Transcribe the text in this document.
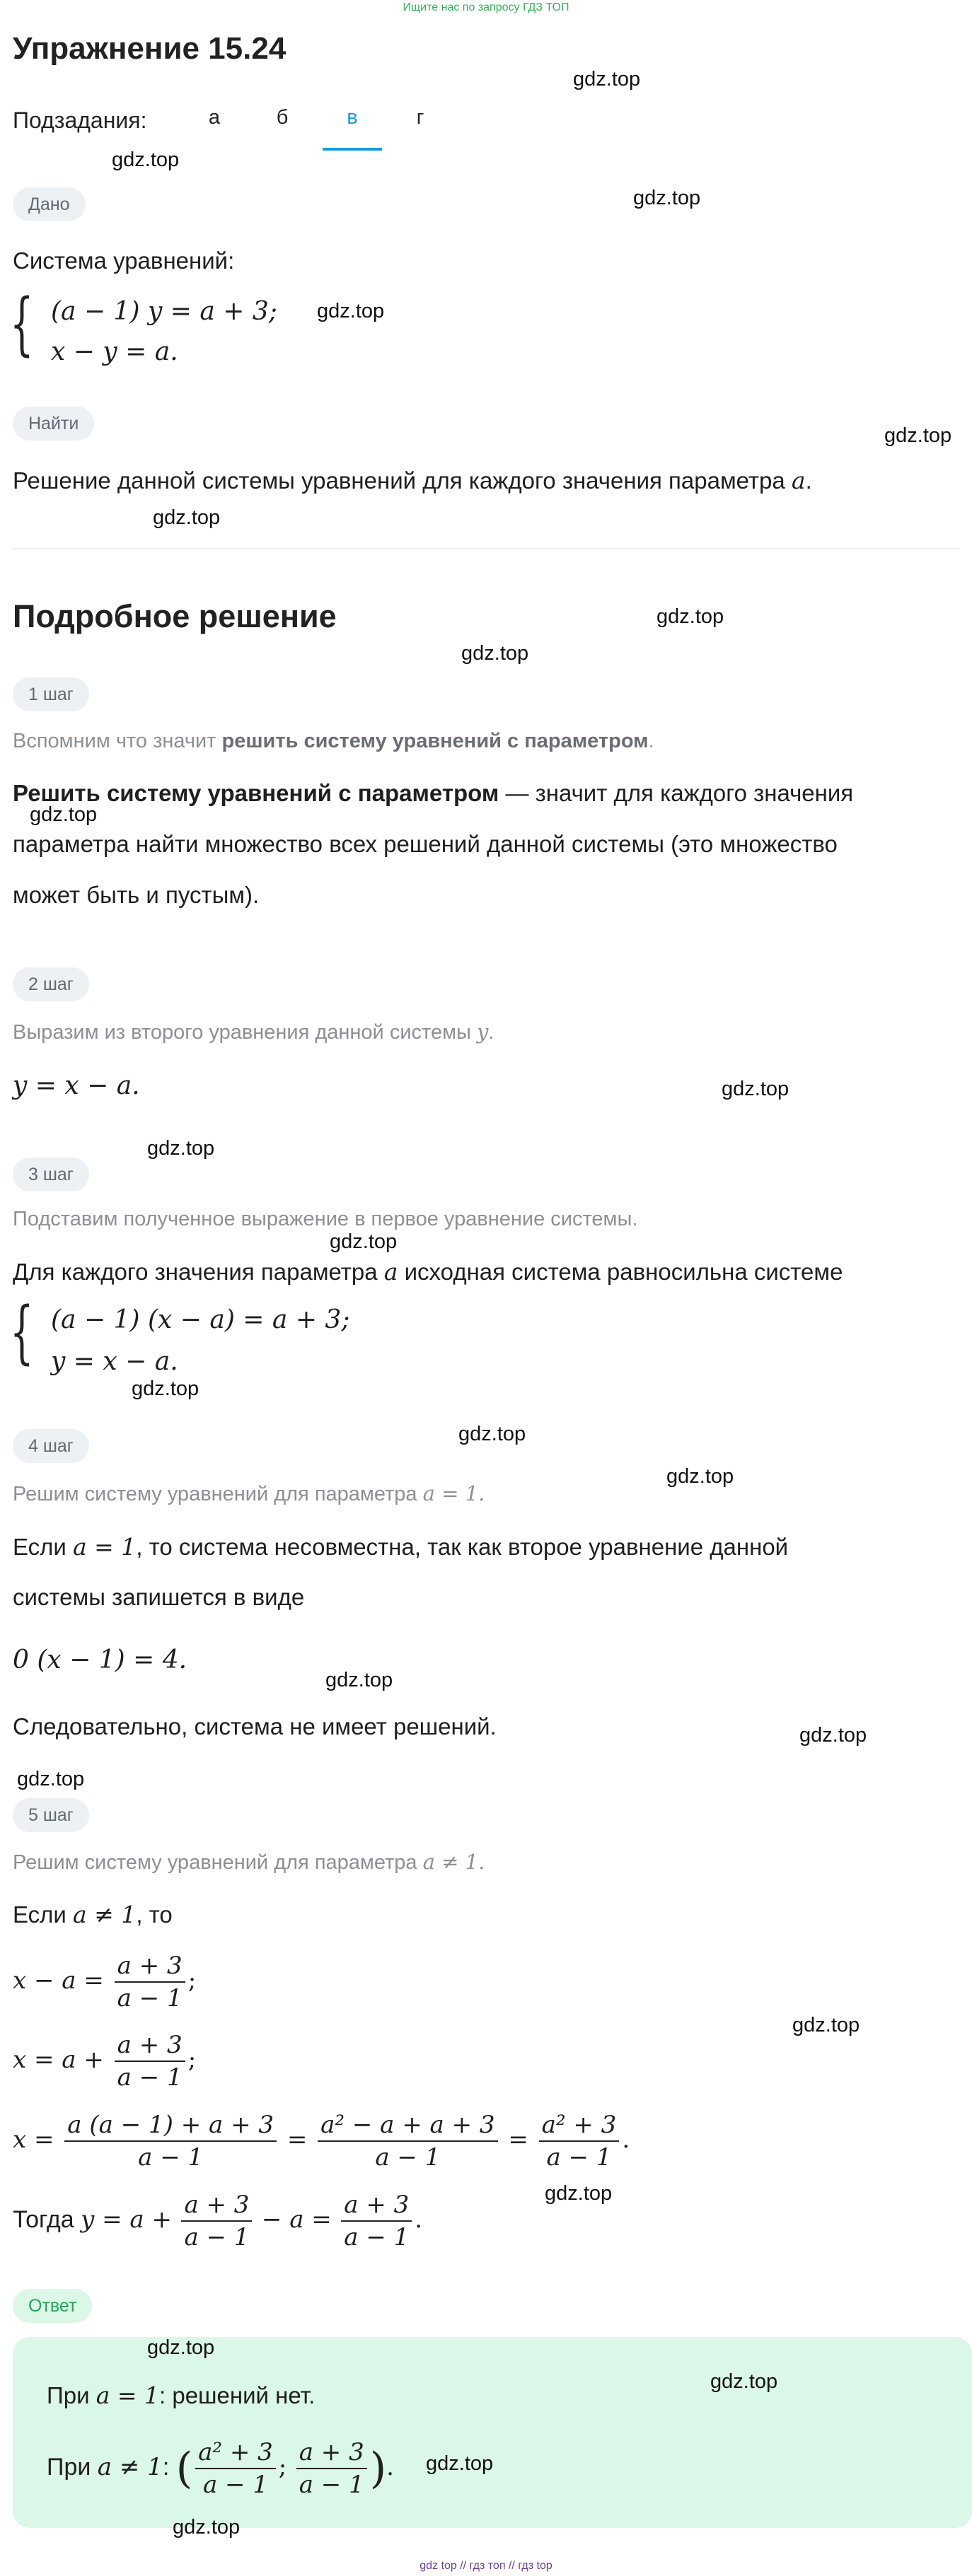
Ищите нас по запросу ГДЗ ТОП
Упражнение 15.24
Подзадания:	а	б	в	г
Дано
Система уравнений:
{ (a − 1) y = a + 3;
x − y = a.
Найти
Решение данной системы уравнений для каждого значения параметра a.
Подробное решение
1 шаг
Вспомним что значит решить систему уравнений с параметром.
Решить систему уравнений с параметром — значит для каждого значения
параметра найти множество всех решений данной системы (это множество
может быть и пустым).
2 шаг
Выразим из второго уравнения данной системы y.
y = x − a.
3 шаг
Подставим полученное выражение в первое уравнение системы.
Для каждого значения параметра a исходная система равносильна системе
{ (a − 1) (x − a) = a + 3;
y = x − a.
4 шаг
Решим систему уравнений для параметра a = 1.
Если a = 1, то система несовместна, так как второе уравнение данной
системы запишется в виде
0 (x − 1) = 4.
Следовательно, система не имеет решений.
5 шаг
Решим систему уравнений для параметра a ≠ 1.
Если a ≠ 1, то
$x - a = \frac{a + 3}{a - 1}$ ;
$x = a + \frac{a + 3}{a - 1}$ ;
$x = \frac{a (a - 1) + a + 3}{a - 1} = \frac{\text{a² − a + a + 3}}{a - 1} = \frac{\text{a² + 3}}{a - 1}$ .
Тогда $y = a + \frac{a + 3}{a - 1} - a = \frac{a + 3}{a - 1}$ .
Ответ
При a = 1: решений нет.
При a ≠ 1: ( $\frac{\text{a² + 3}}{a - 1}$ ; $\frac{a + 3}{a - 1}$ ).
gdz.top
gdz.top
gdz.top
gdz.top
gdz.top
gdz.top
gdz.top
gdz.top
gdz.top
gdz.top
gdz.top
gdz.top
gdz.top
gdz.top
gdz.top
gdz.top
gdz.top
gdz.top
gdz.top
gdz.top
gdz.top
gdz.top
gdz.top
gdz.top
gdz top // гдз топ // гдз top
